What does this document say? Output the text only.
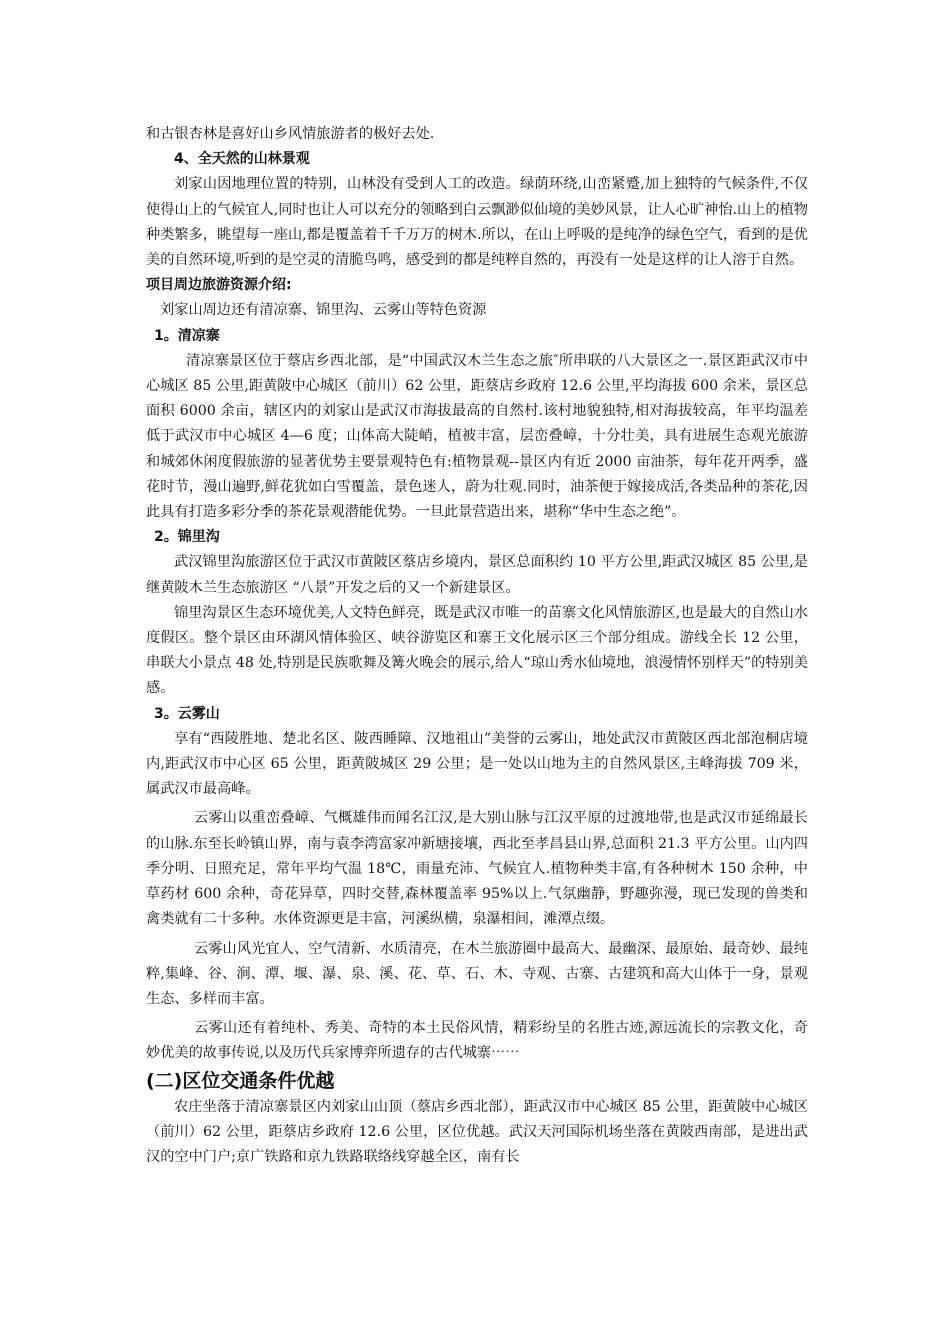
和古银杏林是喜好山乡风情旅游者的极好去处.

4、全天然的山林景观

刘家山因地理位置的特别，山林没有受到人工的改造。绿荫环绕,山峦紧蹙,加上独特的气候条件,不仅使得山上的气候宜人,同时也让人可以充分的领略到白云飘渺似仙境的美妙风景，让人心旷神怡.山上的植物种类繁多，眺望每一座山,都是覆盖着千千万万的树木.所以，在山上呼吸的是纯净的绿色空气，看到的是优美的自然环境,听到的是空灵的清脆鸟鸣，感受到的都是纯粹自然的，再没有一处是这样的让人溶于自然。

项目周边旅游资源介绍:

刘家山周边还有清凉寨、锦里沟、云雾山等特色资源

1。清凉寨

清凉寨景区位于蔡店乡西北部，是“中国武汉木兰生态之旅″所串联的八大景区之一.景区距武汉市中心城区 85 公里,距黄陂中心城区（前川）62 公里，距蔡店乡政府 12.6 公里,平均海拔 600 余米，景区总面积 6000 余亩，辖区内的刘家山是武汉市海拔最高的自然村.该村地貌独特,相对海拔较高，年平均温差低于武汉市中心城区 4—6 度；山体高大陡峭，植被丰富，层峦叠嶂，十分壮美，具有进展生态观光旅游和城郊休闲度假旅游的显著优势主要景观特色有:植物景观--景区内有近 2000 亩油茶，每年花开两季，盛花时节，漫山遍野,鲜花犹如白雪覆盖，景色迷人，蔚为壮观.同时，油茶便于嫁接成活,各类品种的茶花,因此具有打造多彩分季的茶花景观潜能优势。一旦此景营造出来，堪称“华中生态之绝”。

2。锦里沟

武汉锦里沟旅游区位于武汉市黄陂区蔡店乡境内，景区总面积约 10 平方公里,距武汉城区 85 公里,是继黄陂木兰生态旅游区 “八景”开发之后的又一个新建景区。

锦里沟景区生态环境优美,人文特色鲜亮，既是武汉市唯一的苗寨文化风情旅游区,也是最大的自然山水度假区。整个景区由环湖风情体验区、峡谷游览区和寨王文化展示区三个部分组成。游线全长 12 公里，串联大小景点 48 处,特别是民族歌舞及篝火晚会的展示,给人“琼山秀水仙境地，浪漫情怀别样天”的特别美感。

3。云雾山

享有“西陵胜地、楚北名区、陂西睡障、汉地祖山”美誉的云雾山，地处武汉市黄陂区西北部泡桐店境内,距武汉市中心区 65 公里，距黄陂城区 29 公里；是一处以山地为主的自然风景区,主峰海拔 709 米，属武汉市最高峰。

云雾山以重峦叠嶂、气概雄伟而闻名江汉,是大别山脉与江汉平原的过渡地带,也是武汉市延绵最长的山脉.东至长岭镇山界，南与袁李湾富家冲新塘接壤，西北至孝昌县山界,总面积 21.3 平方公里。山内四季分明、日照充足，常年平均气温 18℃，雨量充沛、气候宜人.植物种类丰富,有各种树木 150 余种，中草药材 600 余种，奇花异草，四时交替,森林覆盖率 95%以上.气氛幽静，野趣弥漫，现已发现的兽类和禽类就有二十多种。水体资源更是丰富，河溪纵横，泉瀑相间，滩潭点缀。

云雾山风光宜人、空气清新、水质清亮，在木兰旅游圈中最高大、最幽深、最原始、最奇妙、最纯粹,集峰、谷、涧、潭、堰、瀑、泉、溪、花、草、石、木、寺观、古寨、古建筑和高大山体于一身，景观生态、多样而丰富。

云雾山还有着纯朴、秀美、奇特的本土民俗风情，精彩纷呈的名胜古迹,源远流长的宗教文化，奇妙优美的故事传说,以及历代兵家博弈所遗存的古代城寨⋯⋯

(二)区位交通条件优越

农庄坐落于清凉寨景区内刘家山山顶（蔡店乡西北部），距武汉市中心城区 85 公里，距黄陂中心城区（前川）62 公里，距蔡店乡政府 12.6 公里，区位优越。武汉天河国际机场坐落在黄陂西南部，是进出武汉的空中门户;京广铁路和京九铁路联络线穿越全区，南有长
